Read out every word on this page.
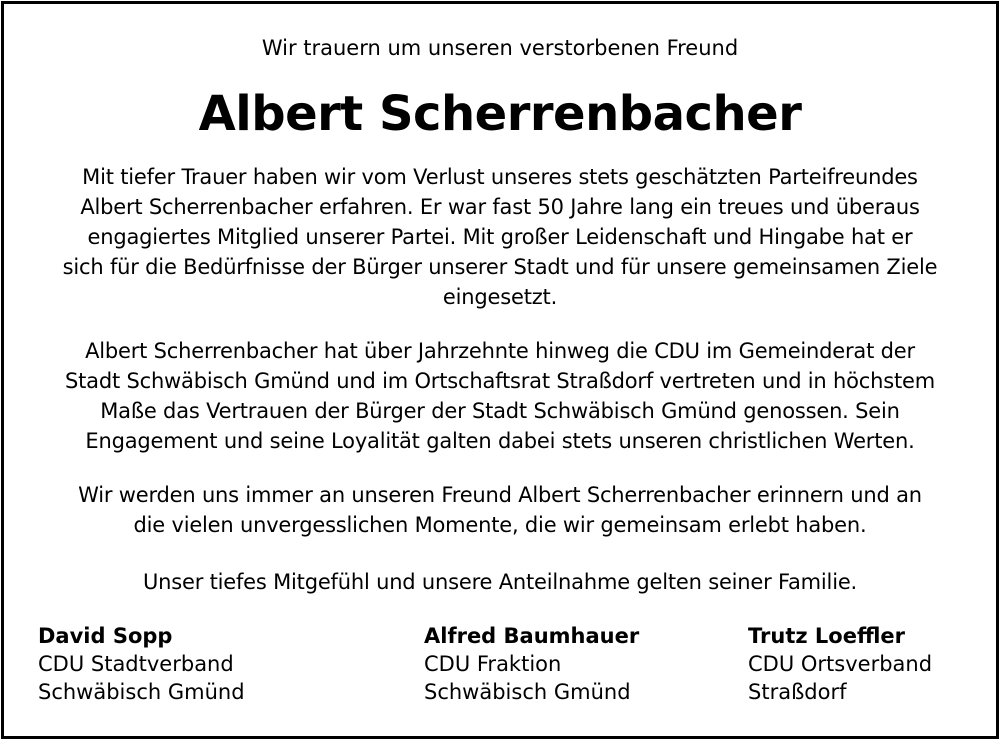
Wir trauern um unseren verstorbenen Freund
Albert Scherrenbacher
Mit tiefer Trauer haben wir vom Verlust unseres stets geschätzten Parteifreundes
Albert Scherrenbacher erfahren. Er war fast 50 Jahre lang ein treues und überaus
engagiertes Mitglied unserer Partei. Mit großer Leidenschaft und Hingabe hat er
sich für die Bedürfnisse der Bürger unserer Stadt und für unsere gemeinsamen Ziele
eingesetzt.
Albert Scherrenbacher hat über Jahrzehnte hinweg die CDU im Gemeinderat der
Stadt Schwäbisch Gmünd und im Ortschaftsrat Straßdorf vertreten und in höchstem
Maße das Vertrauen der Bürger der Stadt Schwäbisch Gmünd genossen. Sein
Engagement und seine Loyalität galten dabei stets unseren christlichen Werten.
Wir werden uns immer an unseren Freund Albert Scherrenbacher erinnern und an
die vielen unvergesslichen Momente, die wir gemeinsam erlebt haben.
Unser tiefes Mitgefühl und unsere Anteilnahme gelten seiner Familie.
David Sopp
CDU Stadtverband
Schwäbisch Gmünd
Alfred Baumhauer
CDU Fraktion
Schwäbisch Gmünd
Trutz Loeffler
CDU Ortsverband
Straßdorf
